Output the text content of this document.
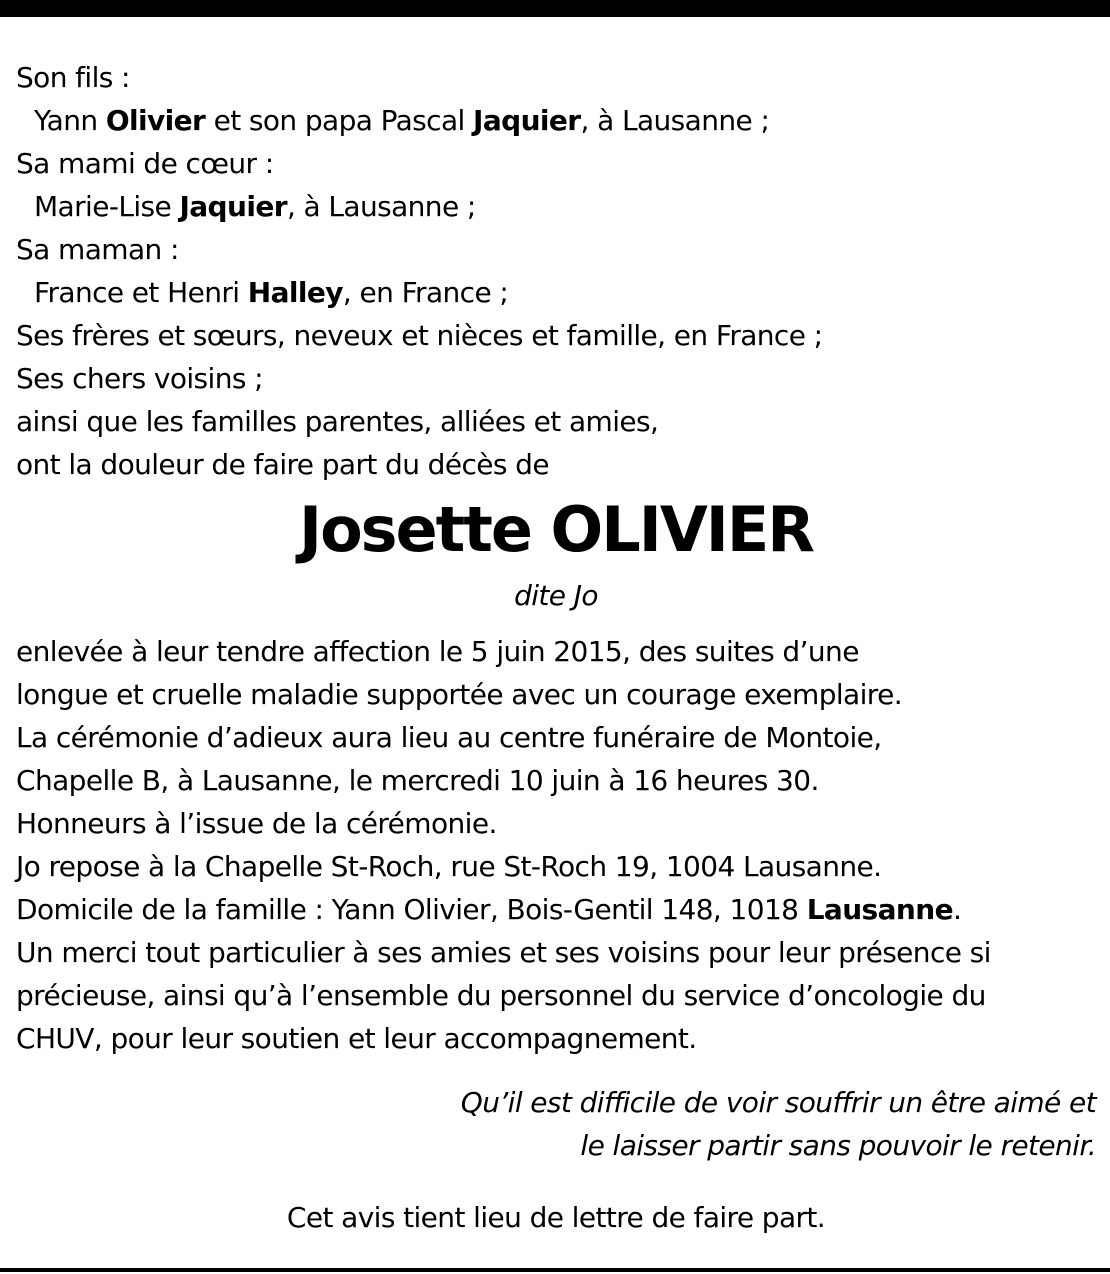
Son fils :
Yann Olivier et son papa Pascal Jaquier, à Lausanne ;
Sa mami de cœur :
Marie-Lise Jaquier, à Lausanne ;
Sa maman :
France et Henri Halley, en France ;
Ses frères et sœurs, neveux et nièces et famille, en France ;
Ses chers voisins ;
ainsi que les familles parentes, alliées et amies,
ont la douleur de faire part du décès de
Josette OLIVIER
dite Jo
enlevée à leur tendre affection le 5 juin 2015, des suites d’une
longue et cruelle maladie supportée avec un courage exemplaire.
La cérémonie d’adieux aura lieu au centre funéraire de Montoie,
Chapelle B, à Lausanne, le mercredi 10 juin à 16 heures 30.
Honneurs à l’issue de la cérémonie.
Jo repose à la Chapelle St-Roch, rue St-Roch 19, 1004 Lausanne.
Domicile de la famille : Yann Olivier, Bois-Gentil 148, 1018 Lausanne.
Un merci tout particulier à ses amies et ses voisins pour leur présence si
précieuse, ainsi qu’à l’ensemble du personnel du service d’oncologie du
CHUV, pour leur soutien et leur accompagnement.
Qu’il est difficile de voir souffrir un être aimé et
le laisser partir sans pouvoir le retenir.
Cet avis tient lieu de lettre de faire part.
